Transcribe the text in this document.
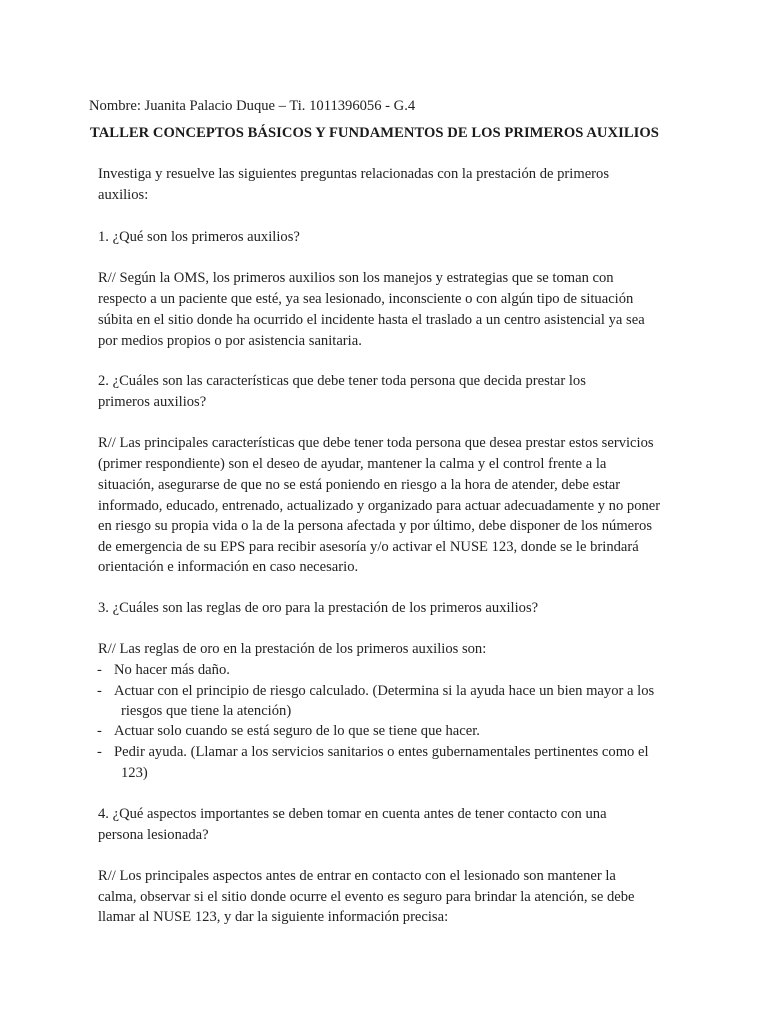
Nombre: Juanita Palacio Duque – Ti. 1011396056 - G.4
TALLER CONCEPTOS BÁSICOS Y FUNDAMENTOS DE LOS PRIMEROS AUXILIOS
Investiga y resuelve las siguientes preguntas relacionadas con la prestación de primeros
auxilios:
1. ¿Qué son los primeros auxilios?
R// Según la OMS, los primeros auxilios son los manejos y estrategias que se toman con
respecto a un paciente que esté, ya sea lesionado, inconsciente o con algún tipo de situación
súbita en el sitio donde ha ocurrido el incidente hasta el traslado a un centro asistencial ya sea
por medios propios o por asistencia sanitaria.
2. ¿Cuáles son las características que debe tener toda persona que decida prestar los
primeros auxilios?
R// Las principales características que debe tener toda persona que desea prestar estos servicios
(primer respondiente) son el deseo de ayudar, mantener la calma y el control frente a la
situación, asegurarse de que no se está poniendo en riesgo a la hora de atender, debe estar
informado, educado, entrenado, actualizado y organizado para actuar adecuadamente y no poner
en riesgo su propia vida o la de la persona afectada y por último, debe disponer de los números
de emergencia de su EPS para recibir asesoría y/o activar el NUSE 123, donde se le brindará
orientación e información en caso necesario.
3. ¿Cuáles son las reglas de oro para la prestación de los primeros auxilios?
R// Las reglas de oro en la prestación de los primeros auxilios son:
- No hacer más daño.
- Actuar con el principio de riesgo calculado. (Determina si la ayuda hace un bien mayor a los
riesgos que tiene la atención)
- Actuar solo cuando se está seguro de lo que se tiene que hacer.
- Pedir ayuda. (Llamar a los servicios sanitarios o entes gubernamentales pertinentes como el
123)
4. ¿Qué aspectos importantes se deben tomar en cuenta antes de tener contacto con una
persona lesionada?
R// Los principales aspectos antes de entrar en contacto con el lesionado son mantener la
calma, observar si el sitio donde ocurre el evento es seguro para brindar la atención, se debe
llamar al NUSE 123, y dar la siguiente información precisa:
